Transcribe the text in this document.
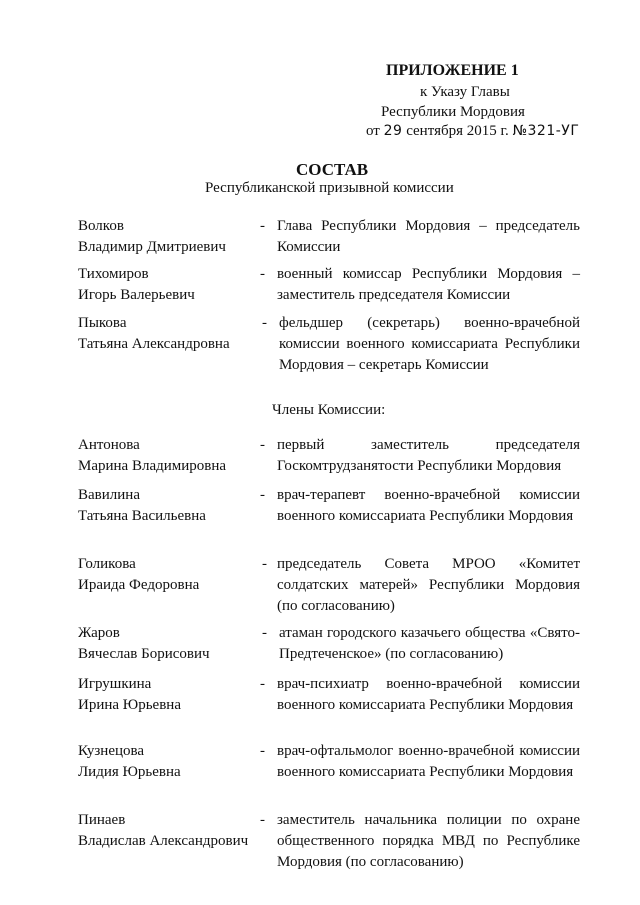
ПРИЛОЖЕНИЕ 1
к Указу Главы
Республики Мордовия
от 29 сентября 2015 г. №321-УГ
СОСТАВ
Республиканской призывной комиссии
Волков
Владимир Дмитриевич
- Глава Республики Мордовия – председатель Комиссии
Тихомиров
Игорь Валерьевич
- военный комиссар Республики Мордовия – заместитель председателя Комиссии
Пыкова
Татьяна Александровна
- фельдшер (секретарь) военно-врачебной комиссии военного комиссариата Республики Мордовия – секретарь Комиссии
Члены Комиссии:
Антонова
Марина Владимировна
- первый заместитель председателя Госкомтрудзанятости Республики Мордовия
Вавилина
Татьяна Васильевна
- врач-терапевт военно-врачебной комиссии военного комиссариата Республики Мордовия
Голикова
Ираида Федоровна
- председатель Совета МРОО «Комитет солдатских матерей» Республики Мордовия (по согласованию)
Жаров
Вячеслав Борисович
- атаман городского казачьего общества «Свято-Предтеченское» (по согласованию)
Игрушкина
Ирина Юрьевна
- врач-психиатр военно-врачебной комиссии военного комиссариата Республики Мордовия
Кузнецова
Лидия Юрьевна
- врач-офтальмолог военно-врачебной комиссии военного комиссариата Республики Мордовия
Пинаев
Владислав Александрович
- заместитель начальника полиции по охране общественного порядка МВД по Республике Мордовия (по согласованию)
